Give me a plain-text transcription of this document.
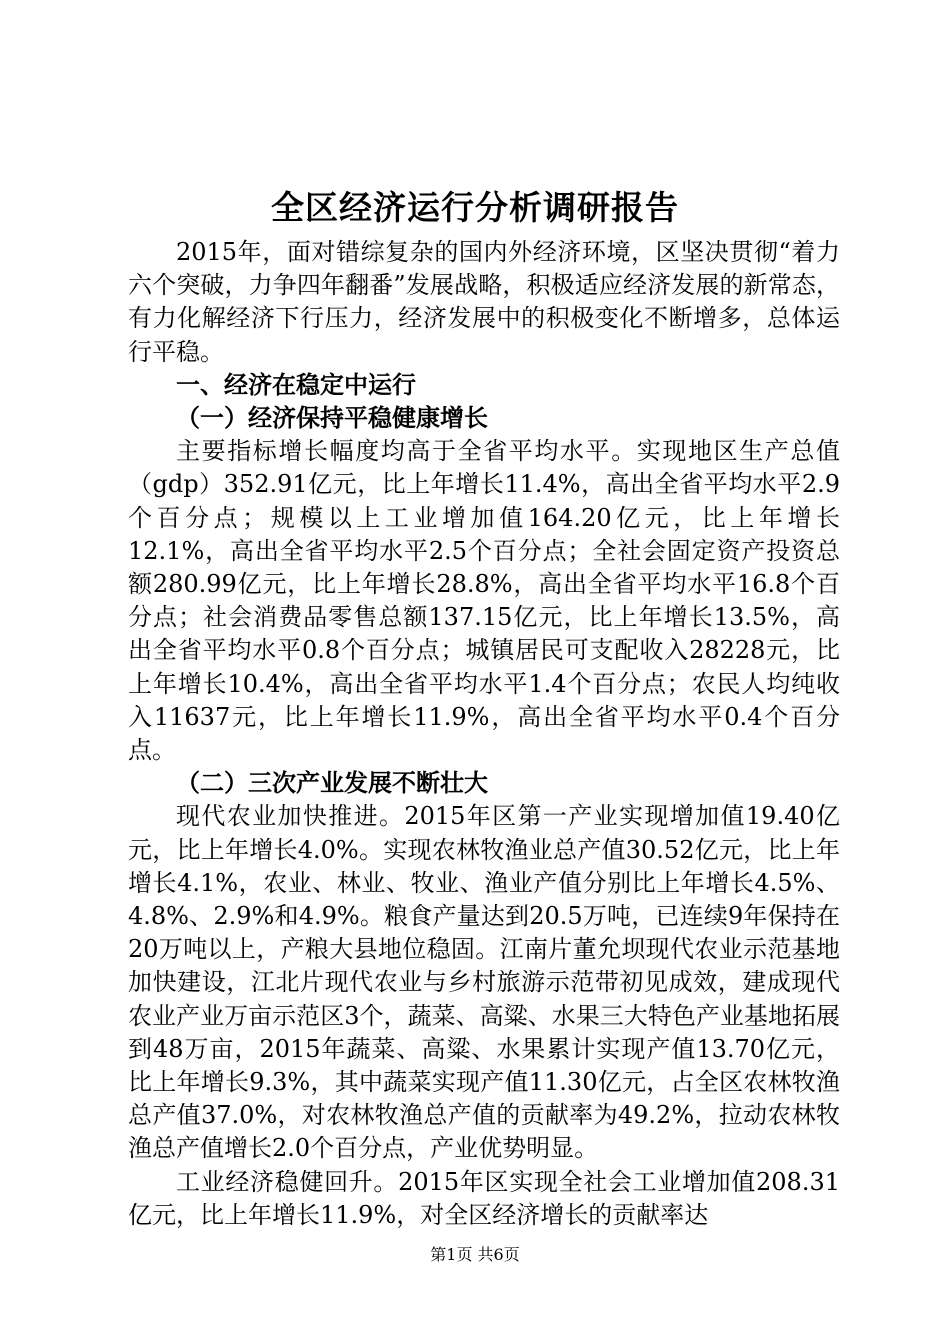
全区经济运行分析调研报告

2015年，面对错综复杂的国内外经济环境，区坚决贯彻“着力六个突破，力争四年翻番”发展战略，积极适应经济发展的新常态，有力化解经济下行压力，经济发展中的积极变化不断增多，总体运行平稳。

一、经济在稳定中运行

（一）经济保持平稳健康增长

主要指标增长幅度均高于全省平均水平。实现地区生产总值（gdp）352.91亿元，比上年增长11.4%，高出全省平均水平2.9个百分点；规模以上工业增加值164.20亿元，比上年增长12.1%，高出全省平均水平2.5个百分点；全社会固定资产投资总额280.99亿元，比上年增长28.8%，高出全省平均水平16.8个百分点；社会消费品零售总额137.15亿元，比上年增长13.5%，高出全省平均水平0.8个百分点；城镇居民可支配收入28228元，比上年增长10.4%，高出全省平均水平1.4个百分点；农民人均纯收入11637元，比上年增长11.9%，高出全省平均水平0.4个百分点。

（二）三次产业发展不断壮大

现代农业加快推进。2015年区第一产业实现增加值19.40亿元，比上年增长4.0%。实现农林牧渔业总产值30.52亿元，比上年增长4.1%，农业、林业、牧业、渔业产值分别比上年增长4.5%、4.8%、2.9%和4.9%。粮食产量达到20.5万吨，已连续9年保持在20万吨以上，产粮大县地位稳固。江南片董允坝现代农业示范基地加快建设，江北片现代农业与乡村旅游示范带初见成效，建成现代农业产业万亩示范区3个，蔬菜、高粱、水果三大特色产业基地拓展到48万亩，2015年蔬菜、高粱、水果累计实现产值13.70亿元，比上年增长9.3%，其中蔬菜实现产值11.30亿元，占全区农林牧渔总产值37.0%，对农林牧渔总产值的贡献率为49.2%，拉动农林牧渔总产值增长2.0个百分点，产业优势明显。

工业经济稳健回升。2015年区实现全社会工业增加值208.31亿元，比上年增长11.9%，对全区经济增长的贡献率达

第1页 共6页
